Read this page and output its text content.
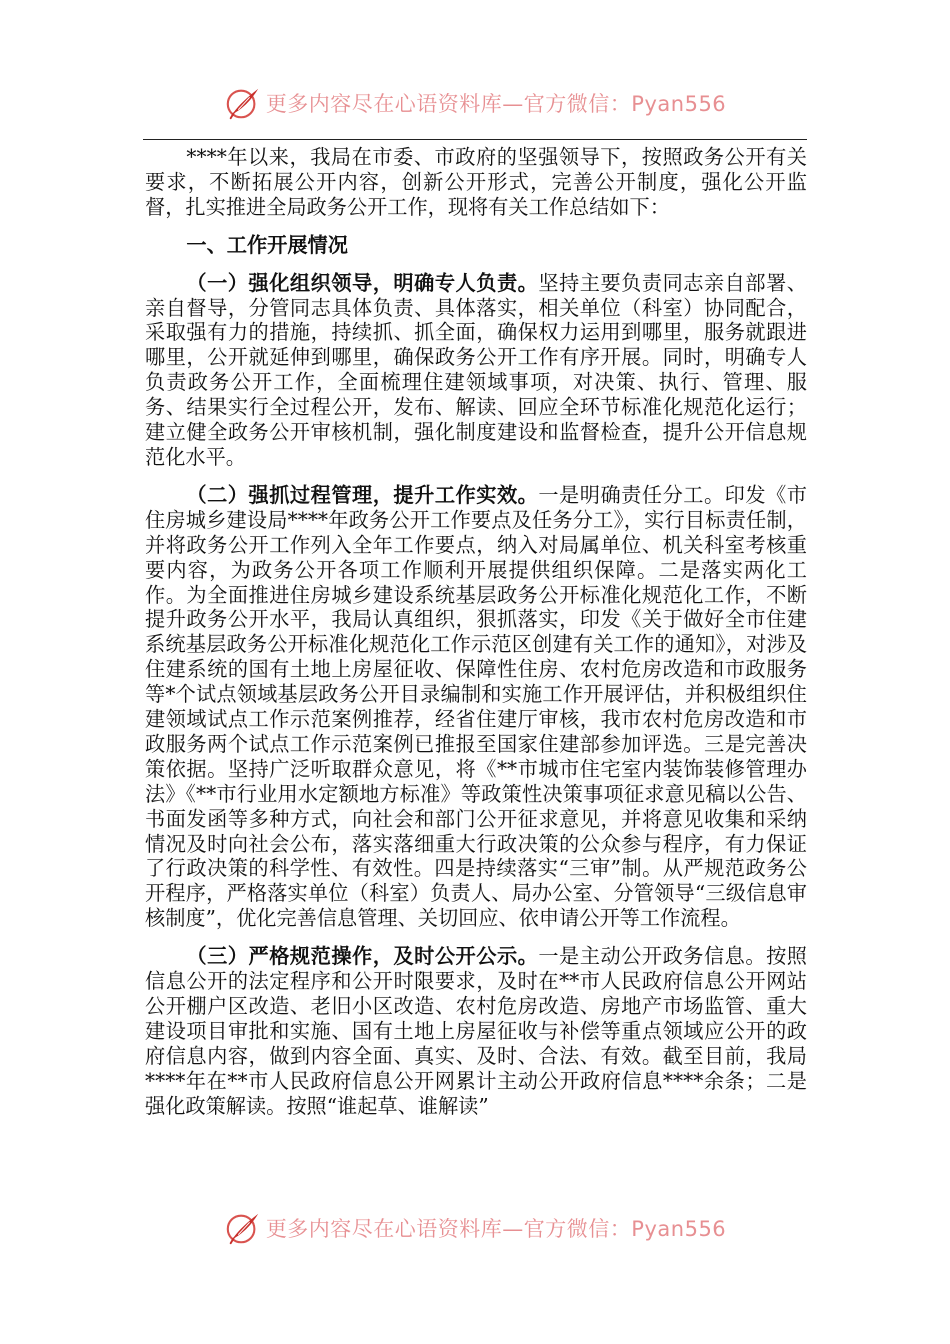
更多内容尽在心语资料库—官方微信：Pyan556

****年以来，我局在市委、市政府的坚强领导下，按照政务公开有关要求，不断拓展公开内容，创新公开形式，完善公开制度，强化公开监督，扎实推进全局政务公开工作，现将有关工作总结如下：

一、工作开展情况

（一）强化组织领导，明确专人负责。坚持主要负责同志亲自部署、亲自督导，分管同志具体负责、具体落实，相关单位（科室）协同配合，采取强有力的措施，持续抓、抓全面，确保权力运用到哪里，服务就跟进哪里，公开就延伸到哪里，确保政务公开工作有序开展。同时，明确专人负责政务公开工作，全面梳理住建领域事项，对决策、执行、管理、服务、结果实行全过程公开，发布、解读、回应全环节标准化规范化运行；建立健全政务公开审核机制，强化制度建设和监督检查，提升公开信息规范化水平。

（二）强抓过程管理，提升工作实效。一是明确责任分工。印发《市住房城乡建设局****年政务公开工作要点及任务分工》，实行目标责任制，并将政务公开工作列入全年工作要点，纳入对局属单位、机关科室考核重要内容，为政务公开各项工作顺利开展提供组织保障。二是落实两化工作。为全面推进住房城乡建设系统基层政务公开标准化规范化工作，不断提升政务公开水平，我局认真组织，狠抓落实，印发《关于做好全市住建系统基层政务公开标准化规范化工作示范区创建有关工作的通知》，对涉及住建系统的国有土地上房屋征收、保障性住房、农村危房改造和市政服务等*个试点领域基层政务公开目录编制和实施工作开展评估，并积极组织住建领域试点工作示范案例推荐，经省住建厅审核，我市农村危房改造和市政服务两个试点工作示范案例已推报至国家住建部参加评选。三是完善决策依据。坚持广泛听取群众意见，将《**市城市住宅室内装饰装修管理办法》《**市行业用水定额地方标准》等政策性决策事项征求意见稿以公告、书面发函等多种方式，向社会和部门公开征求意见，并将意见收集和采纳情况及时向社会公布，落实落细重大行政决策的公众参与程序，有力保证了行政决策的科学性、有效性。四是持续落实“三审”制。从严规范政务公开程序，严格落实单位（科室）负责人、局办公室、分管领导“三级信息审核制度”，优化完善信息管理、关切回应、依申请公开等工作流程。

（三）严格规范操作，及时公开公示。一是主动公开政务信息。按照信息公开的法定程序和公开时限要求，及时在**市人民政府信息公开网站公开棚户区改造、老旧小区改造、农村危房改造、房地产市场监管、重大建设项目审批和实施、国有土地上房屋征收与补偿等重点领域应公开的政府信息内容，做到内容全面、真实、及时、合法、有效。截至目前，我局****年在**市人民政府信息公开网累计主动公开政府信息****余条；二是强化政策解读。按照“谁起草、谁解读”

更多内容尽在心语资料库—官方微信：Pyan556
